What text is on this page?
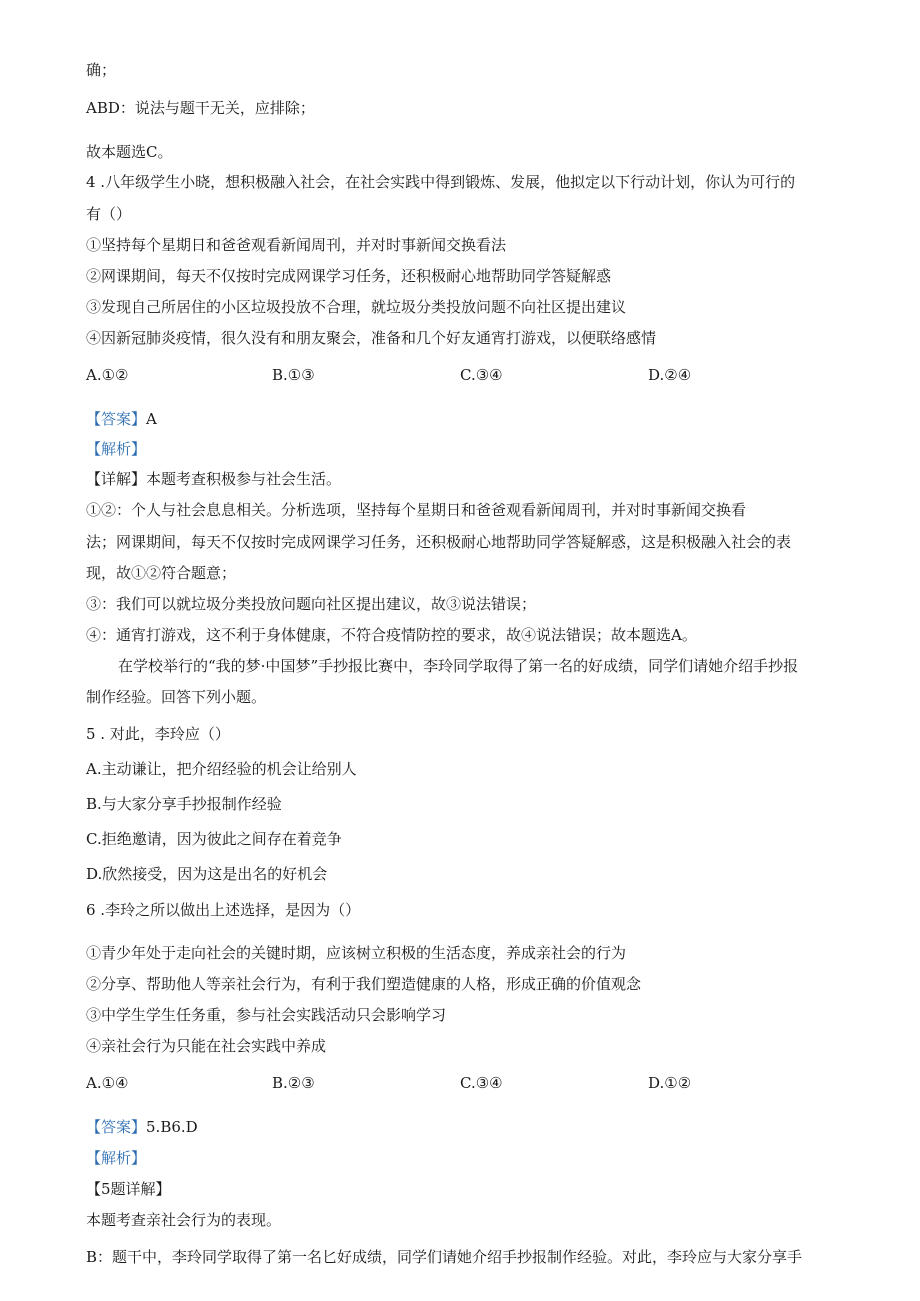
确；
ABD：说法与题干无关，应排除；
故本题选C。
4 .八年级学生小晓，想积极融入社会，在社会实践中得到锻炼、发展，他拟定以下行动计划，你认为可行的
有（）
①坚持每个星期日和爸爸观看新闻周刊，并对时事新闻交换看法
②网课期间，每天不仅按时完成网课学习任务，还积极耐心地帮助同学答疑解惑
③发现自己所居住的小区垃圾投放不合理，就垃圾分类投放问题不向社区提出建议
④因新冠肺炎疫情，很久没有和朋友聚会，准备和几个好友通宵打游戏，以便联络感情
A.①②	B.①③	C.③④	D.②④
【答案】A
【解析】
【详解】本题考查积极参与社会生活。
①②：个人与社会息息相关。分析选项，坚持每个星期日和爸爸观看新闻周刊，并对时事新闻交换看
法；网课期间，每天不仅按时完成网课学习任务，还积极耐心地帮助同学答疑解惑，这是积极融入社会的表
现，故①②符合题意；
③：我们可以就垃圾分类投放问题向社区提出建议，故③说法错误；
④：通宵打游戏，这不利于身体健康，不符合疫情防控的要求，故④说法错误；故本题选A。
在学校举行的“我的梦·中国梦”手抄报比赛中，李玲同学取得了第一名的好成绩，同学们请她介绍手抄报
制作经验。回答下列小题。
5 . 对此，李玲应（）
A.主动谦让，把介绍经验的机会让给别人
B.与大家分享手抄报制作经验
C.拒绝邀请，因为彼此之间存在着竞争
D.欣然接受，因为这是出名的好机会
6 .李玲之所以做出上述选择，是因为（）
①青少年处于走向社会的关键时期，应该树立积极的生活态度，养成亲社会的行为
②分享、帮助他人等亲社会行为，有利于我们塑造健康的人格，形成正确的价值观念
③中学生学生任务重，参与社会实践活动只会影响学习
④亲社会行为只能在社会实践中养成
A.①④	B.②③	C.③④	D.①②
【答案】5.B6.D
【解析】
【5题详解】
本题考查亲社会行为的表现。
B：题干中，李玲同学取得了第一名匕好成绩，同学们请她介绍手抄报制作经验。对此，李玲应与大家分享手
